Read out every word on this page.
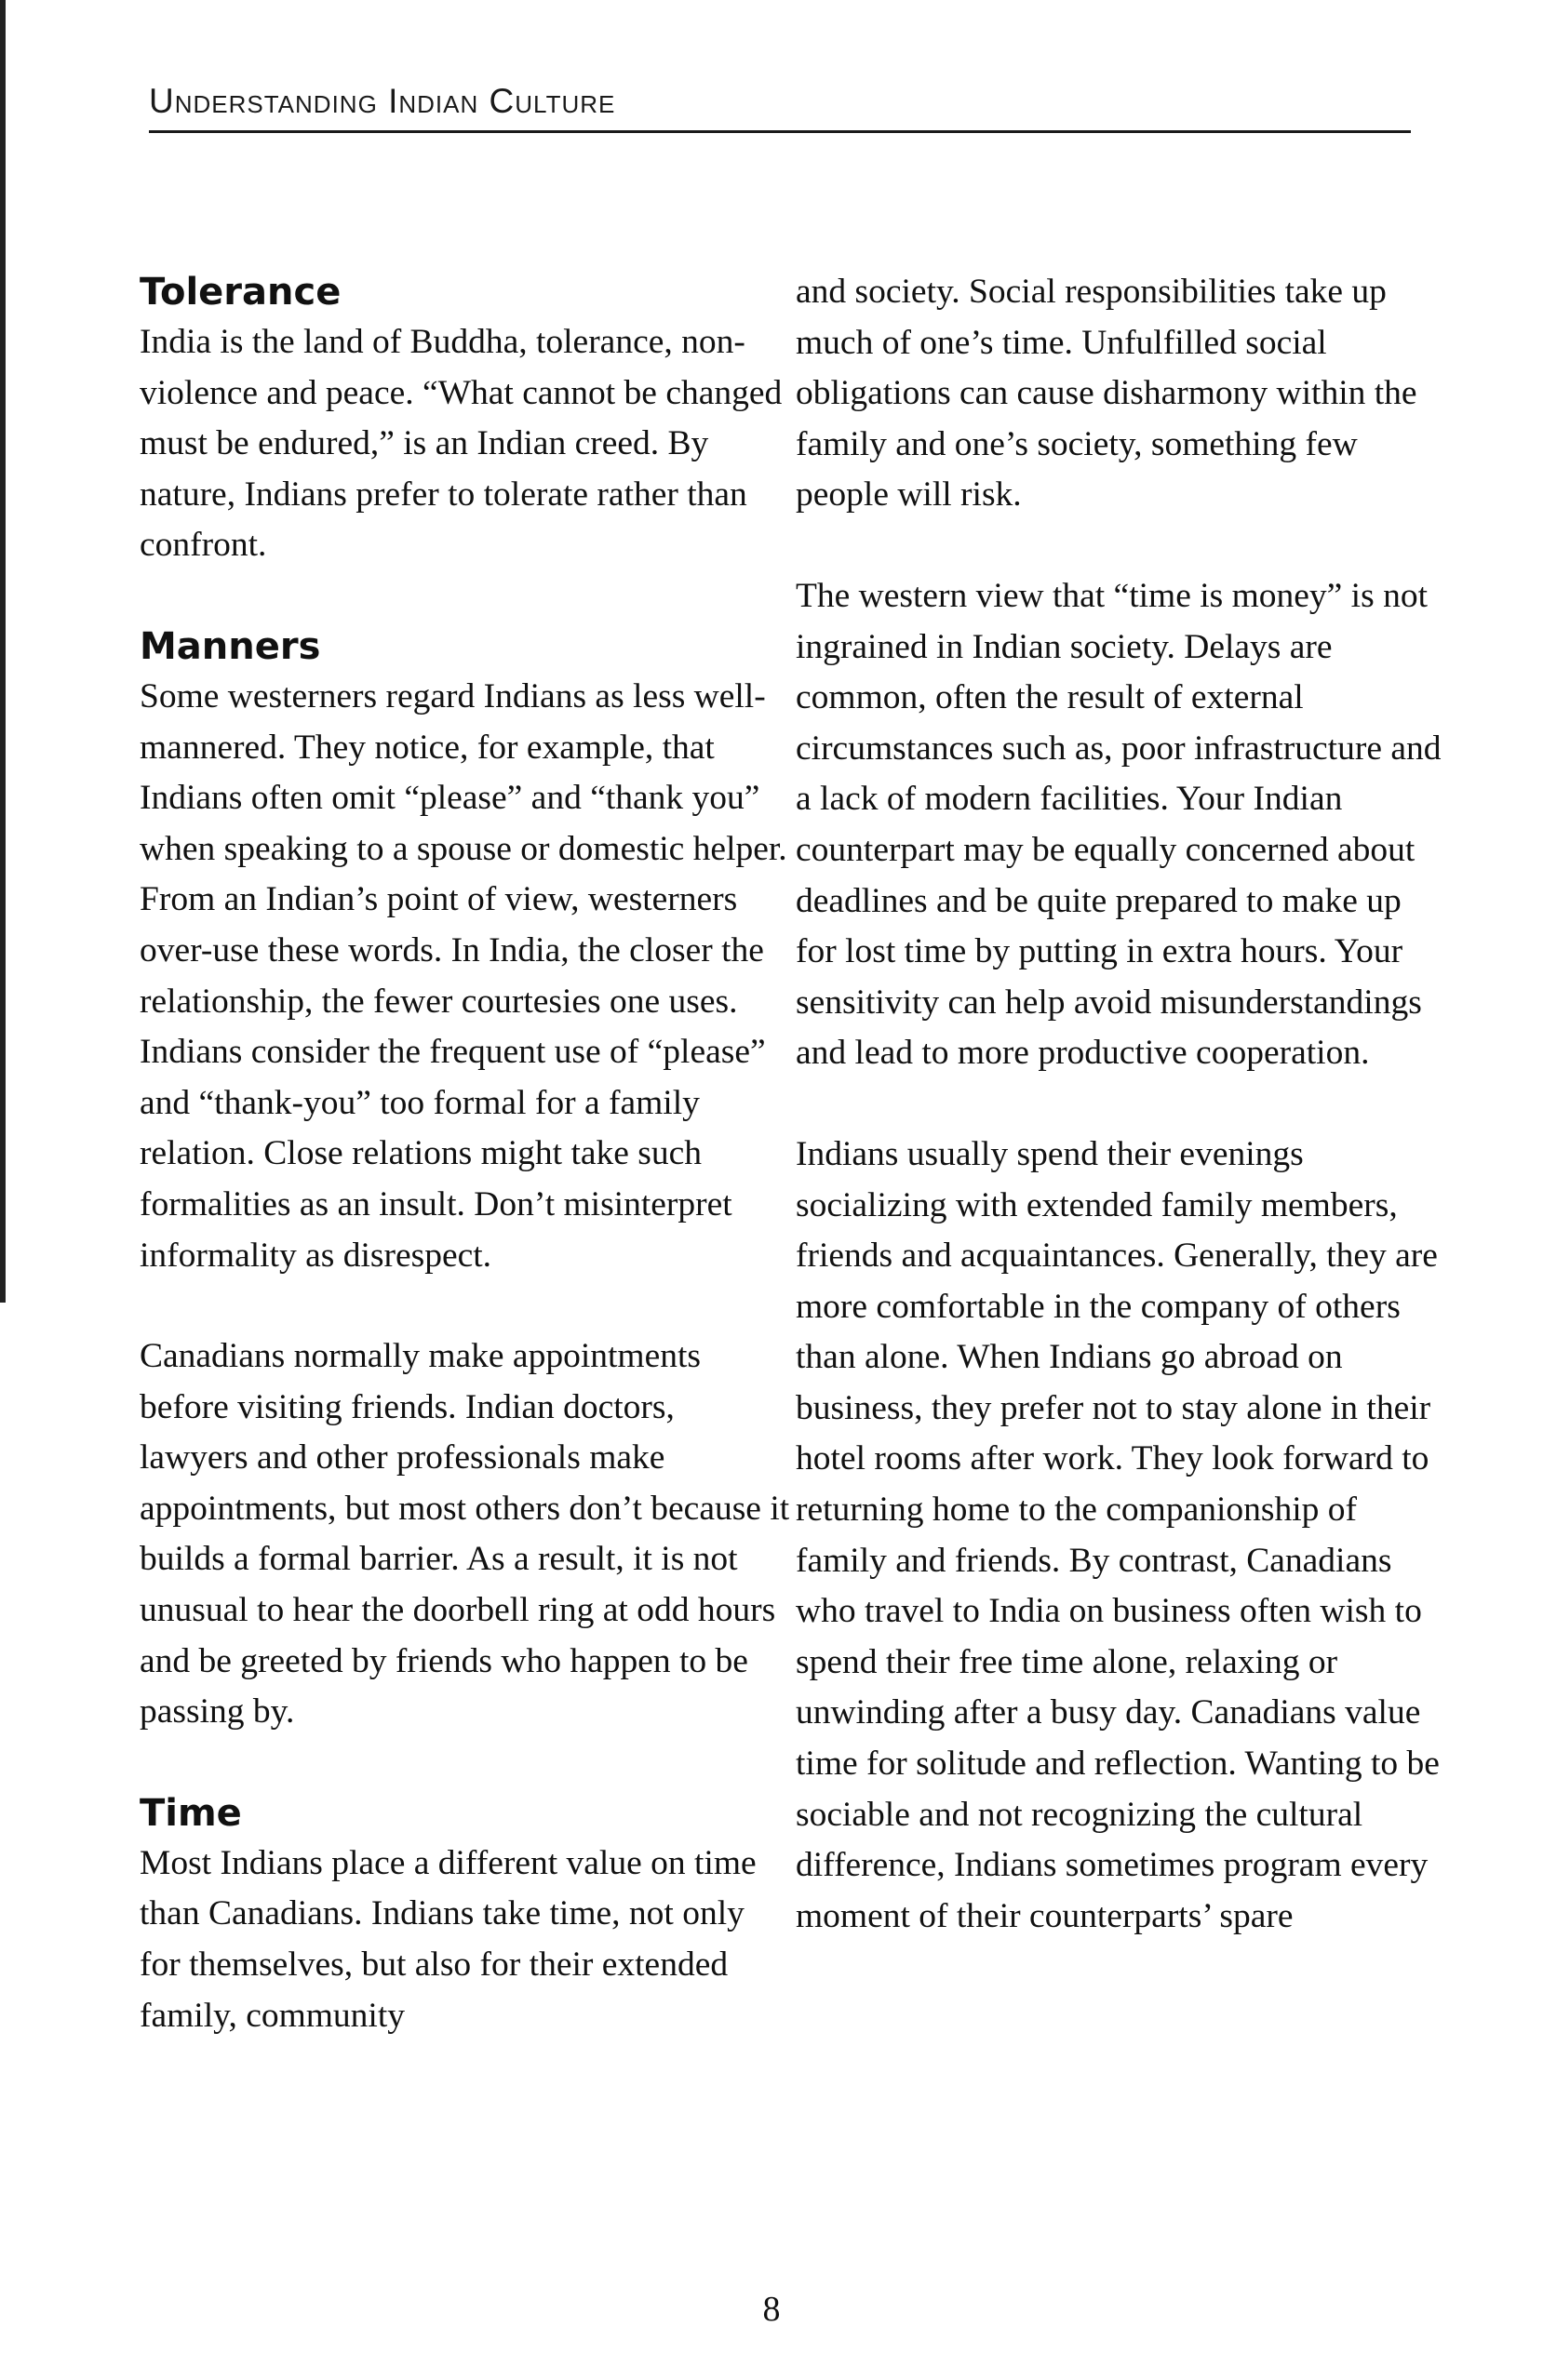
Understanding Indian Culture

Tolerance

India is the land of Buddha, tolerance, non-violence and peace. “What cannot be changed must be endured,” is an Indian creed. By nature, Indians prefer to tolerate rather than confront.

Manners

Some westerners regard Indians as less well-mannered. They notice, for example, that Indians often omit “please” and “thank you” when speaking to a spouse or domestic helper. From an Indian’s point of view, westerners over-use these words. In India, the closer the relationship, the fewer courtesies one uses. Indians consider the frequent use of “please” and “thank-you” too formal for a family relation. Close relations might take such formalities as an insult. Don’t misinterpret informality as disrespect.

Canadians normally make appointments before visiting friends. Indian doctors, lawyers and other professionals make appointments, but most others don’t because it builds a formal barrier. As a result, it is not unusual to hear the doorbell ring at odd hours and be greeted by friends who happen to be passing by.

Time

Most Indians place a different value on time than Canadians. Indians take time, not only for themselves, but also for their extended family, community

and society. Social responsibilities take up much of one’s time. Unfulfilled social obligations can cause disharmony within the family and one’s society, something few people will risk.

The western view that “time is money” is not ingrained in Indian society. Delays are common, often the result of external circumstances such as, poor infrastructure and a lack of modern facilities. Your Indian counterpart may be equally concerned about deadlines and be quite prepared to make up for lost time by putting in extra hours. Your sensitivity can help avoid misunderstandings and lead to more productive cooperation.

Indians usually spend their evenings socializing with extended family members, friends and acquaintances. Generally, they are more comfortable in the company of others than alone. When Indians go abroad on business, they prefer not to stay alone in their hotel rooms after work. They look forward to returning home to the companionship of family and friends. By contrast, Canadians who travel to India on business often wish to spend their free time alone, relaxing or unwinding after a busy day. Canadians value time for solitude and reflection. Wanting to be sociable and not recognizing the cultural difference, Indians sometimes program every moment of their counterparts’ spare

8
